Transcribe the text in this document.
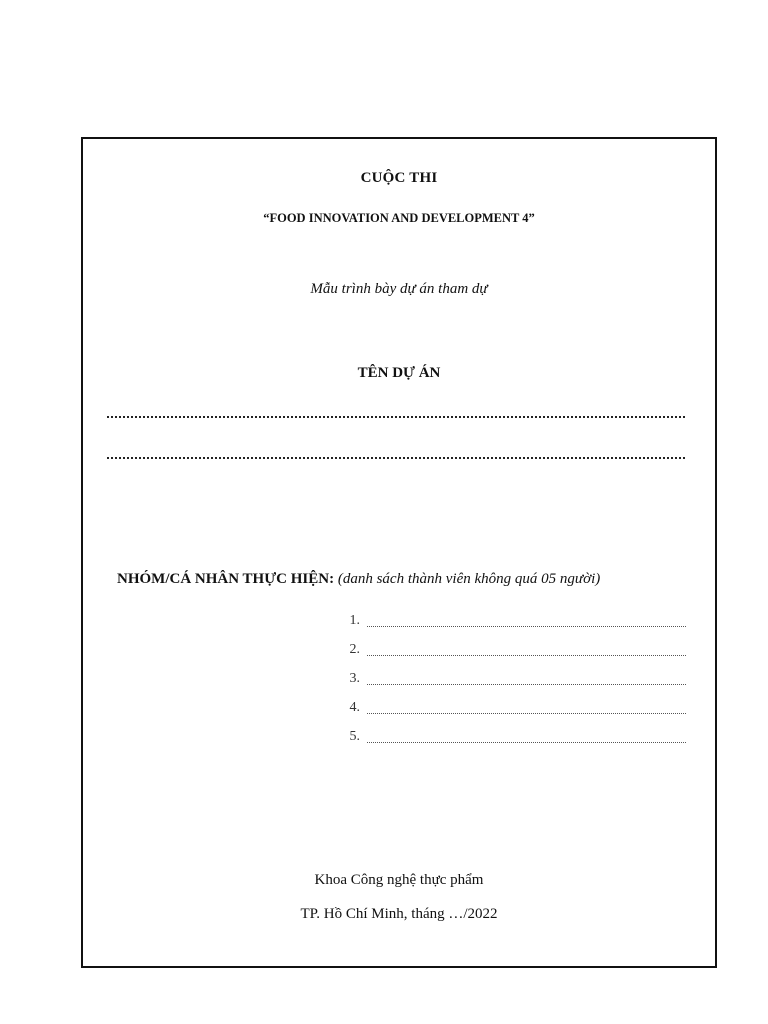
CUỘC THI
“FOOD INNOVATION AND DEVELOPMENT 4”
Mẫu trình bày dự án tham dự
TÊN DỰ ÁN
NHÓM/CÁ NHÂN THỰC HIỆN: (danh sách thành viên không quá 05 người)
1.
2.
3.
4.
5.
Khoa Công nghệ thực phẩm
TP. Hồ Chí Minh, tháng …/2022
